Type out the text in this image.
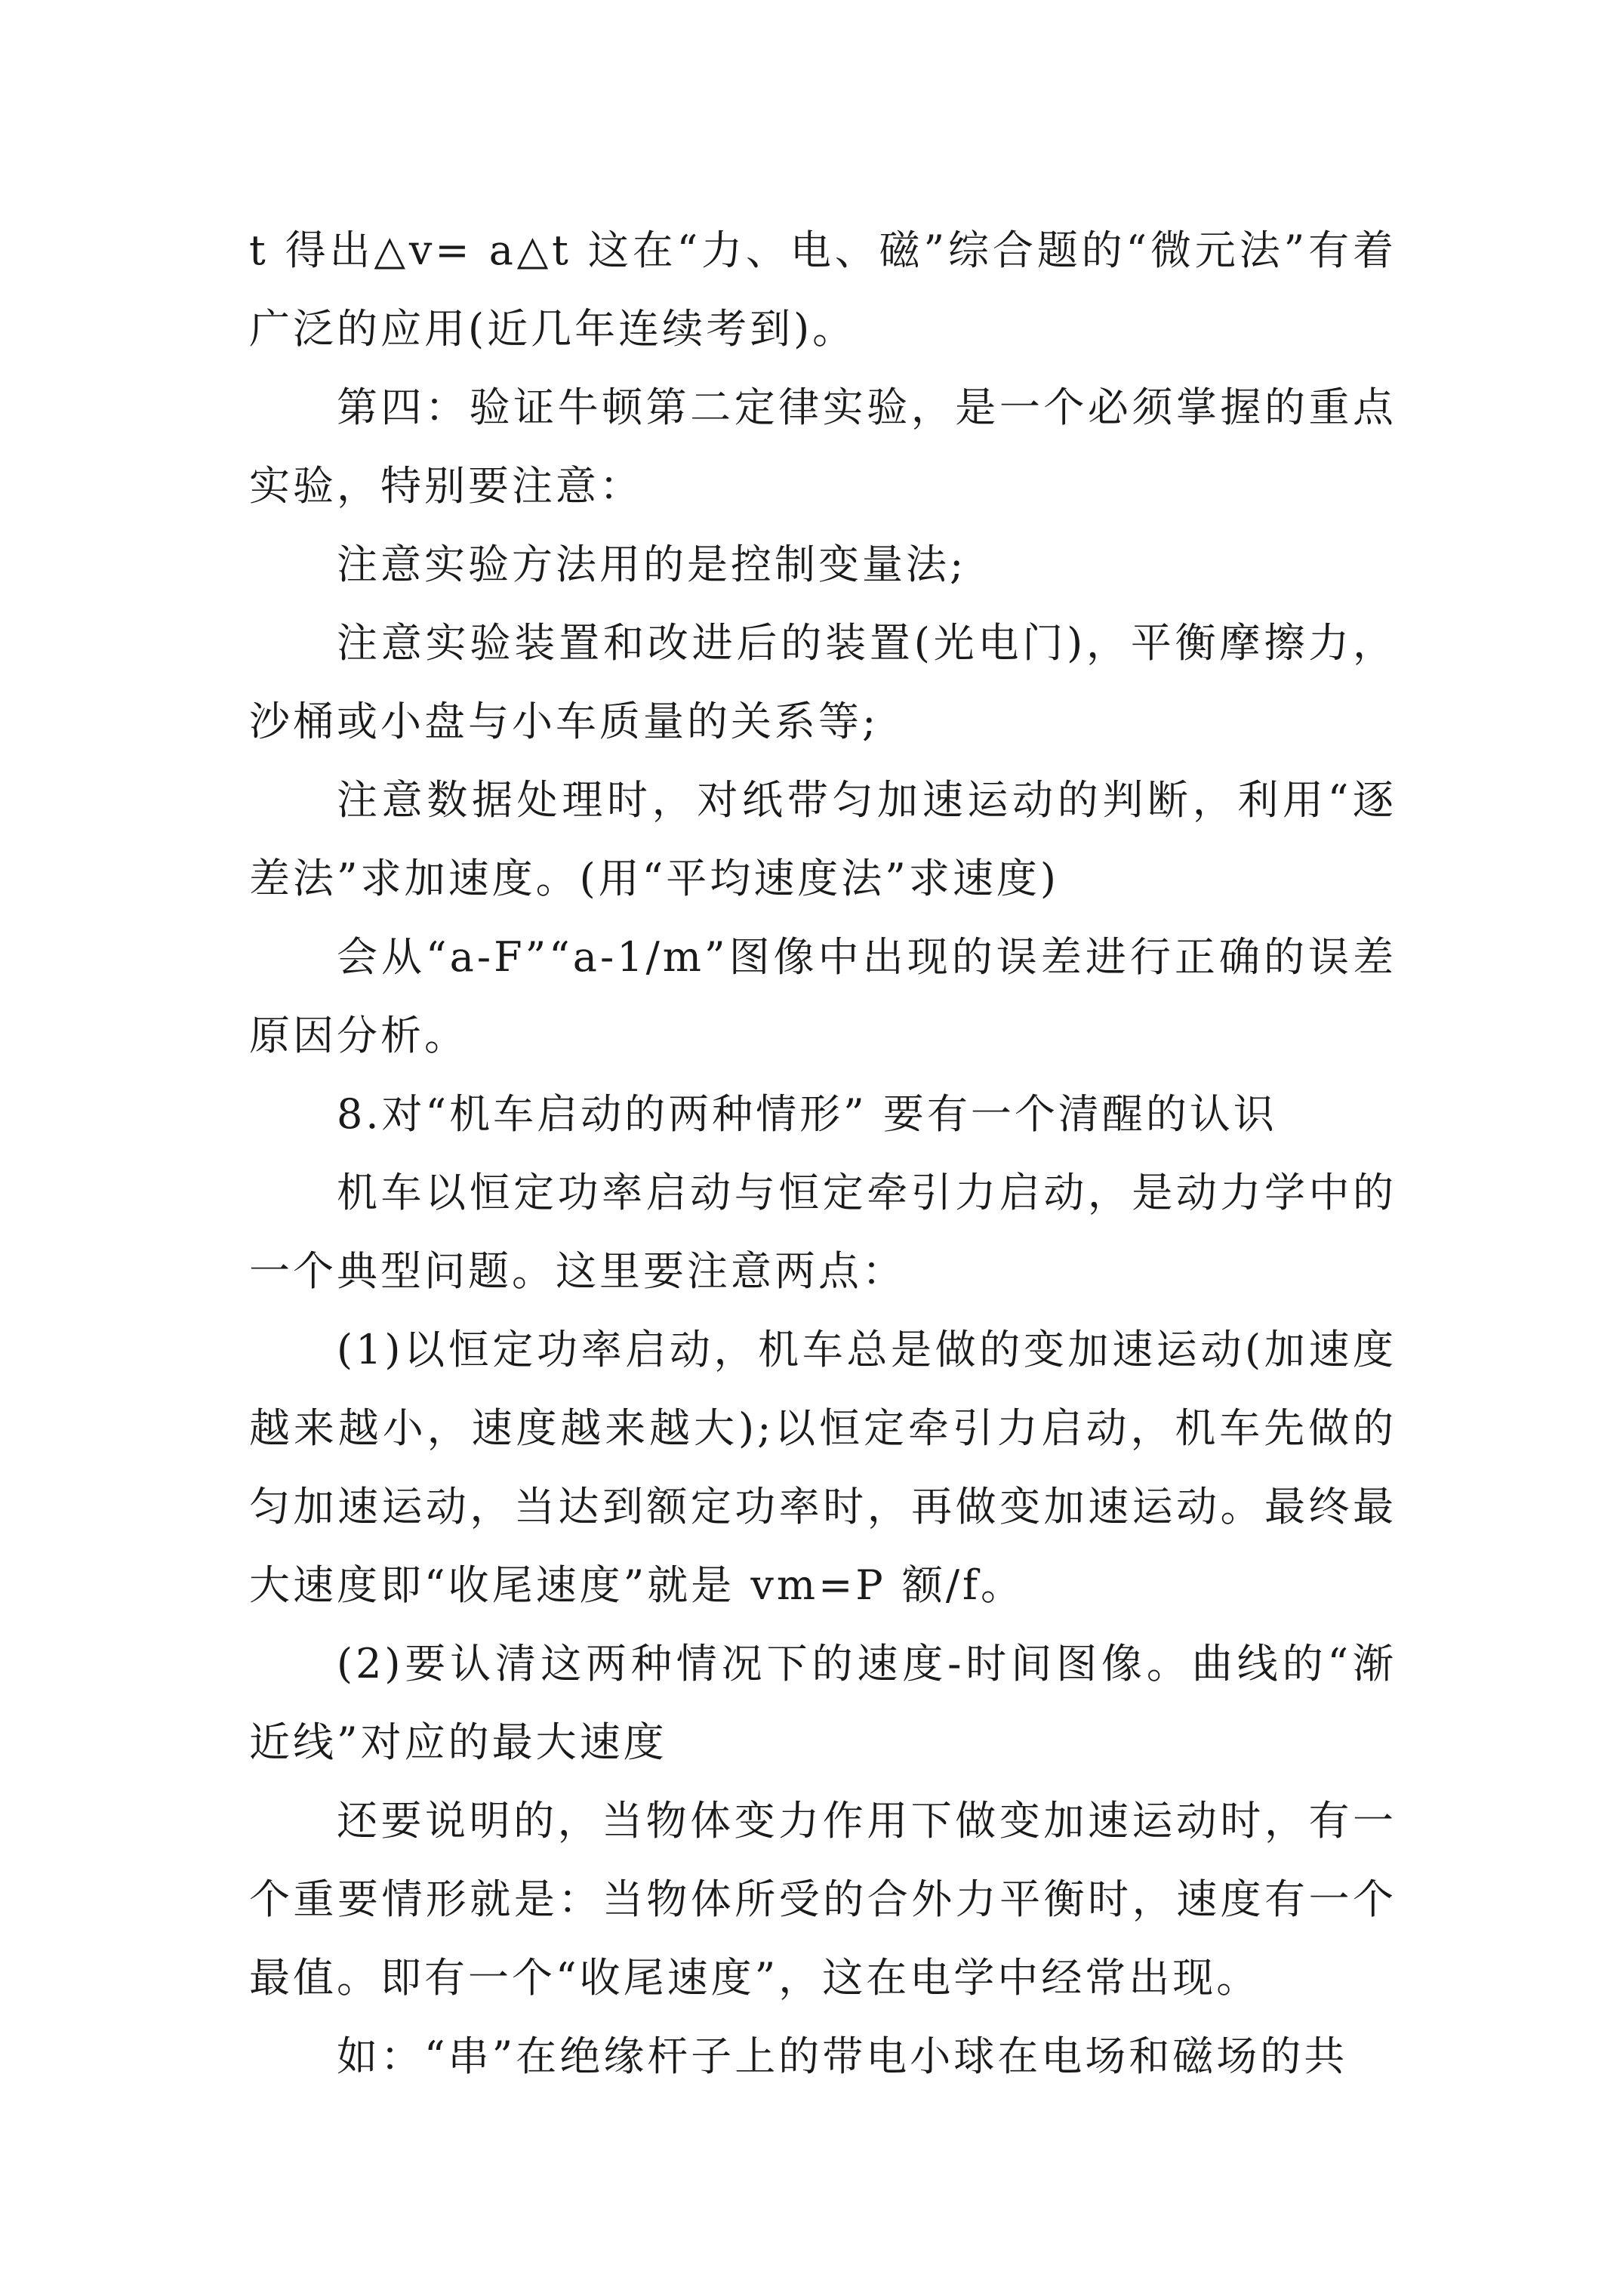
t 得出△v= a△t 这在“力、电、磁”综合题的“微元法”有着广泛的应用(近几年连续考到)。

第四：验证牛顿第二定律实验，是一个必须掌握的重点实验，特别要注意：

注意实验方法用的是控制变量法;

注意实验装置和改进后的装置(光电门)，平衡摩擦力，沙桶或小盘与小车质量的关系等;

注意数据处理时，对纸带匀加速运动的判断，利用“逐差法”求加速度。(用“平均速度法”求速度)

会从“a-F”“a-1/m”图像中出现的误差进行正确的误差原因分析。

8.对“机车启动的两种情形” 要有一个清醒的认识

机车以恒定功率启动与恒定牵引力启动，是动力学中的一个典型问题。这里要注意两点：

(1)以恒定功率启动，机车总是做的变加速运动(加速度越来越小，速度越来越大);以恒定牵引力启动，机车先做的匀加速运动，当达到额定功率时，再做变加速运动。最终最大速度即“收尾速度”就是 vm=P 额/f。

(2)要认清这两种情况下的速度-时间图像。曲线的“渐近线”对应的最大速度

还要说明的，当物体变力作用下做变加速运动时，有一个重要情形就是：当物体所受的合外力平衡时，速度有一个最值。即有一个“收尾速度”，这在电学中经常出现。

如：“串”在绝缘杆子上的带电小球在电场和磁场的共
